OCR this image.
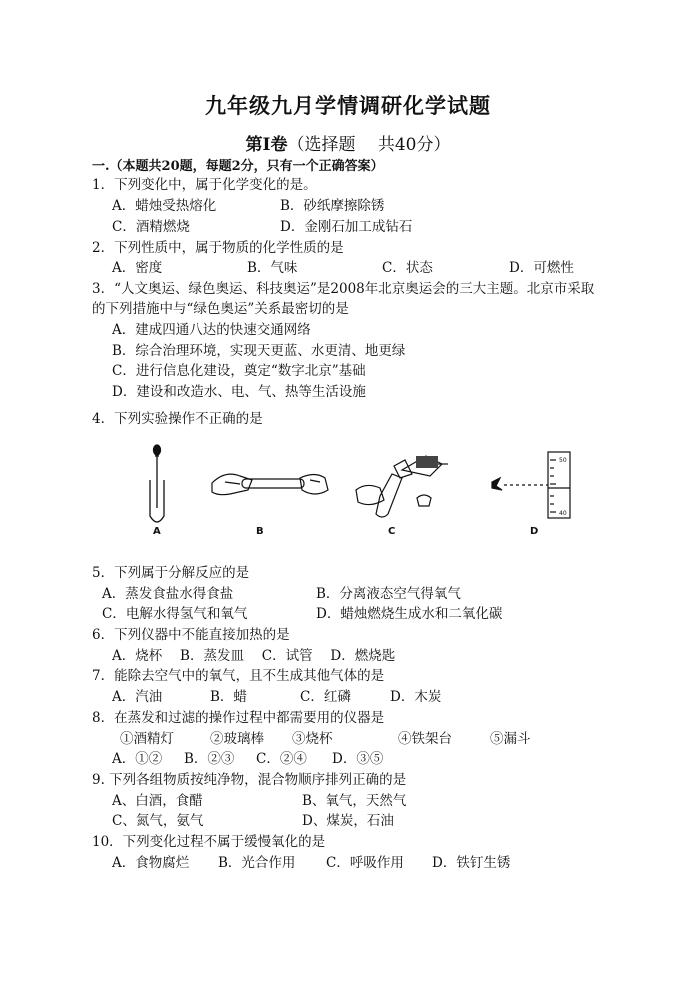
九年级九月学情调研化学试题
第Ⅰ卷（选择题　 共40分）
一.（本题共20题，每题2分，只有一个正确答案）
1．下列变化中，属于化学变化的是。
A．蜡烛受热熔化	B．砂纸摩擦除锈
C．酒精燃烧	D．金刚石加工成钻石
2．下列性质中，属于物质的化学性质的是
A．密度	B．气味	C．状态	D．可燃性
3．“人文奥运、绿色奥运、科技奥运”是2008年北京奥运会的三大主题。北京市采取
的下列措施中与“绿色奥运”关系最密切的是
A．建成四通八达的快速交通网络
B．综合治理环境，实现天更蓝、水更清、地更绿
C．进行信息化建设，奠定“数字北京”基础
D．建设和改造水、电、气、热等生活设施
4．下列实验操作不正确的是
50
40
A	B	C	D
5．下列属于分解反应的是
A．蒸发食盐水得食盐	B．分离液态空气得氧气
C．电解水得氢气和氧气	D．蜡烛燃烧生成水和二氧化碳
6．下列仪器中不能直接加热的是
A．烧杯　 B．蒸发皿　 C．试管　 D．燃烧匙
7．能除去空气中的氧气，且不生成其他气体的是
A．汽油	B．蜡	C．红磷	D．木炭
8．在蒸发和过滤的操作过程中都需要用的仪器是
①酒精灯	②玻璃棒 ③烧杯	④铁架台	⑤漏斗
A．①② B．②③ C．②④ D．③⑤
9. 下列各组物质按纯净物，混合物顺序排列正确的是
A、白酒，食醋	B、氧气，天然气
C、氮气，氨气	D、煤炭，石油
10．下列变化过程不属于缓慢氧化的是
A．食物腐烂 B．光合作用 C．呼吸作用 D．铁钉生锈
